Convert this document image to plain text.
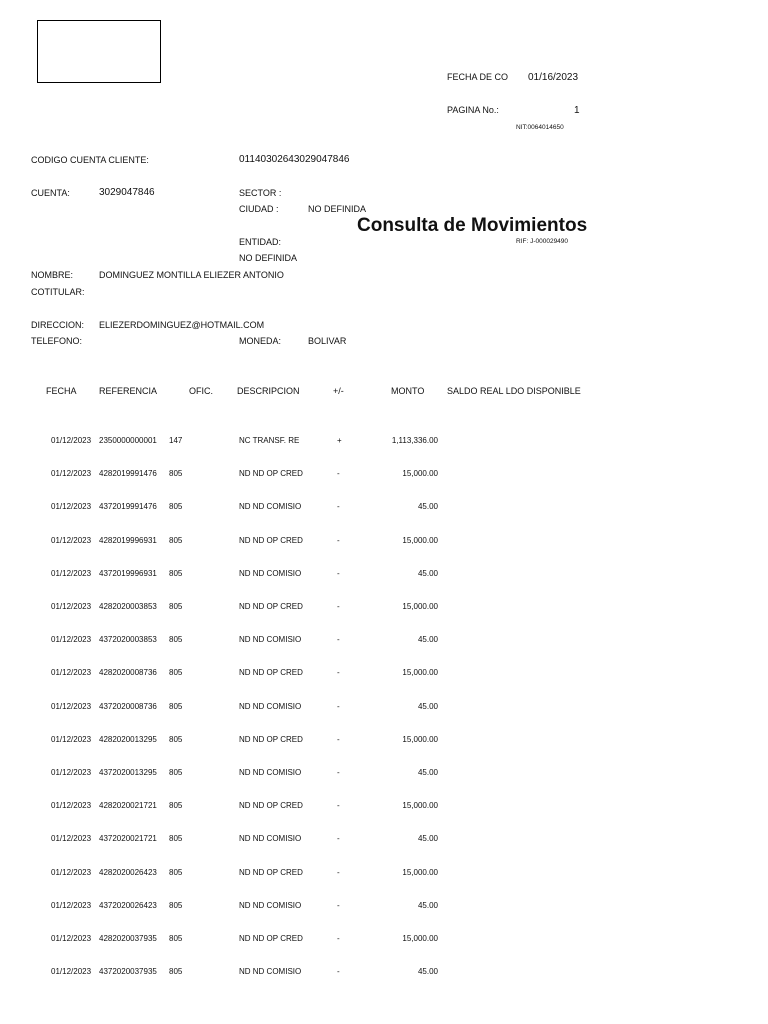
FECHA DE CO 01/16/2023
PAGINA No.:	1
NIT:0064014650
CODIGO CUENTA CLIENTE:	01140302643029047846
CUENTA:	3029047846	SECTOR :
CIUDAD :	NO DEFINIDA
Consulta de Movimientos
RIF: J-000029490
ENTIDAD:
NO DEFINIDA
NOMBRE:	DOMINGUEZ MONTILLA ELIEZER ANTONIO
COTITULAR:
DIRECCION: ELIEZERDOMINGUEZ@HOTMAIL.COM
TELEFONO:	MONEDA:	BOLIVAR
FECHA REFERENCIA	OFIC.	DESCRIPCION	+/-	MONTO	SALDO REAL LDO DISPONIBLE
01/12/2023 2350000000001 147	NC TRANSF. RE	+	1,113,336.00
01/12/2023 4282019991476 805	ND ND OP CRED	-	15,000.00
01/12/2023 4372019991476 805	ND ND COMISIO	-	45.00
01/12/2023 4282019996931 805	ND ND OP CRED	-	15,000.00
01/12/2023 4372019996931 805	ND ND COMISIO	-	45.00
01/12/2023 4282020003853 805	ND ND OP CRED	-	15,000.00
01/12/2023 4372020003853 805	ND ND COMISIO	-	45.00
01/12/2023 4282020008736 805	ND ND OP CRED	-	15,000.00
01/12/2023 4372020008736 805	ND ND COMISIO	-	45.00
01/12/2023 4282020013295 805	ND ND OP CRED	-	15,000.00
01/12/2023 4372020013295 805	ND ND COMISIO	-	45.00
01/12/2023 4282020021721 805	ND ND OP CRED	-	15,000.00
01/12/2023 4372020021721 805	ND ND COMISIO	-	45.00
01/12/2023 4282020026423 805	ND ND OP CRED	-	15,000.00
01/12/2023 4372020026423 805	ND ND COMISIO	-	45.00
01/12/2023 4282020037935 805	ND ND OP CRED	-	15,000.00
01/12/2023 4372020037935 805	ND ND COMISIO	-	45.00
